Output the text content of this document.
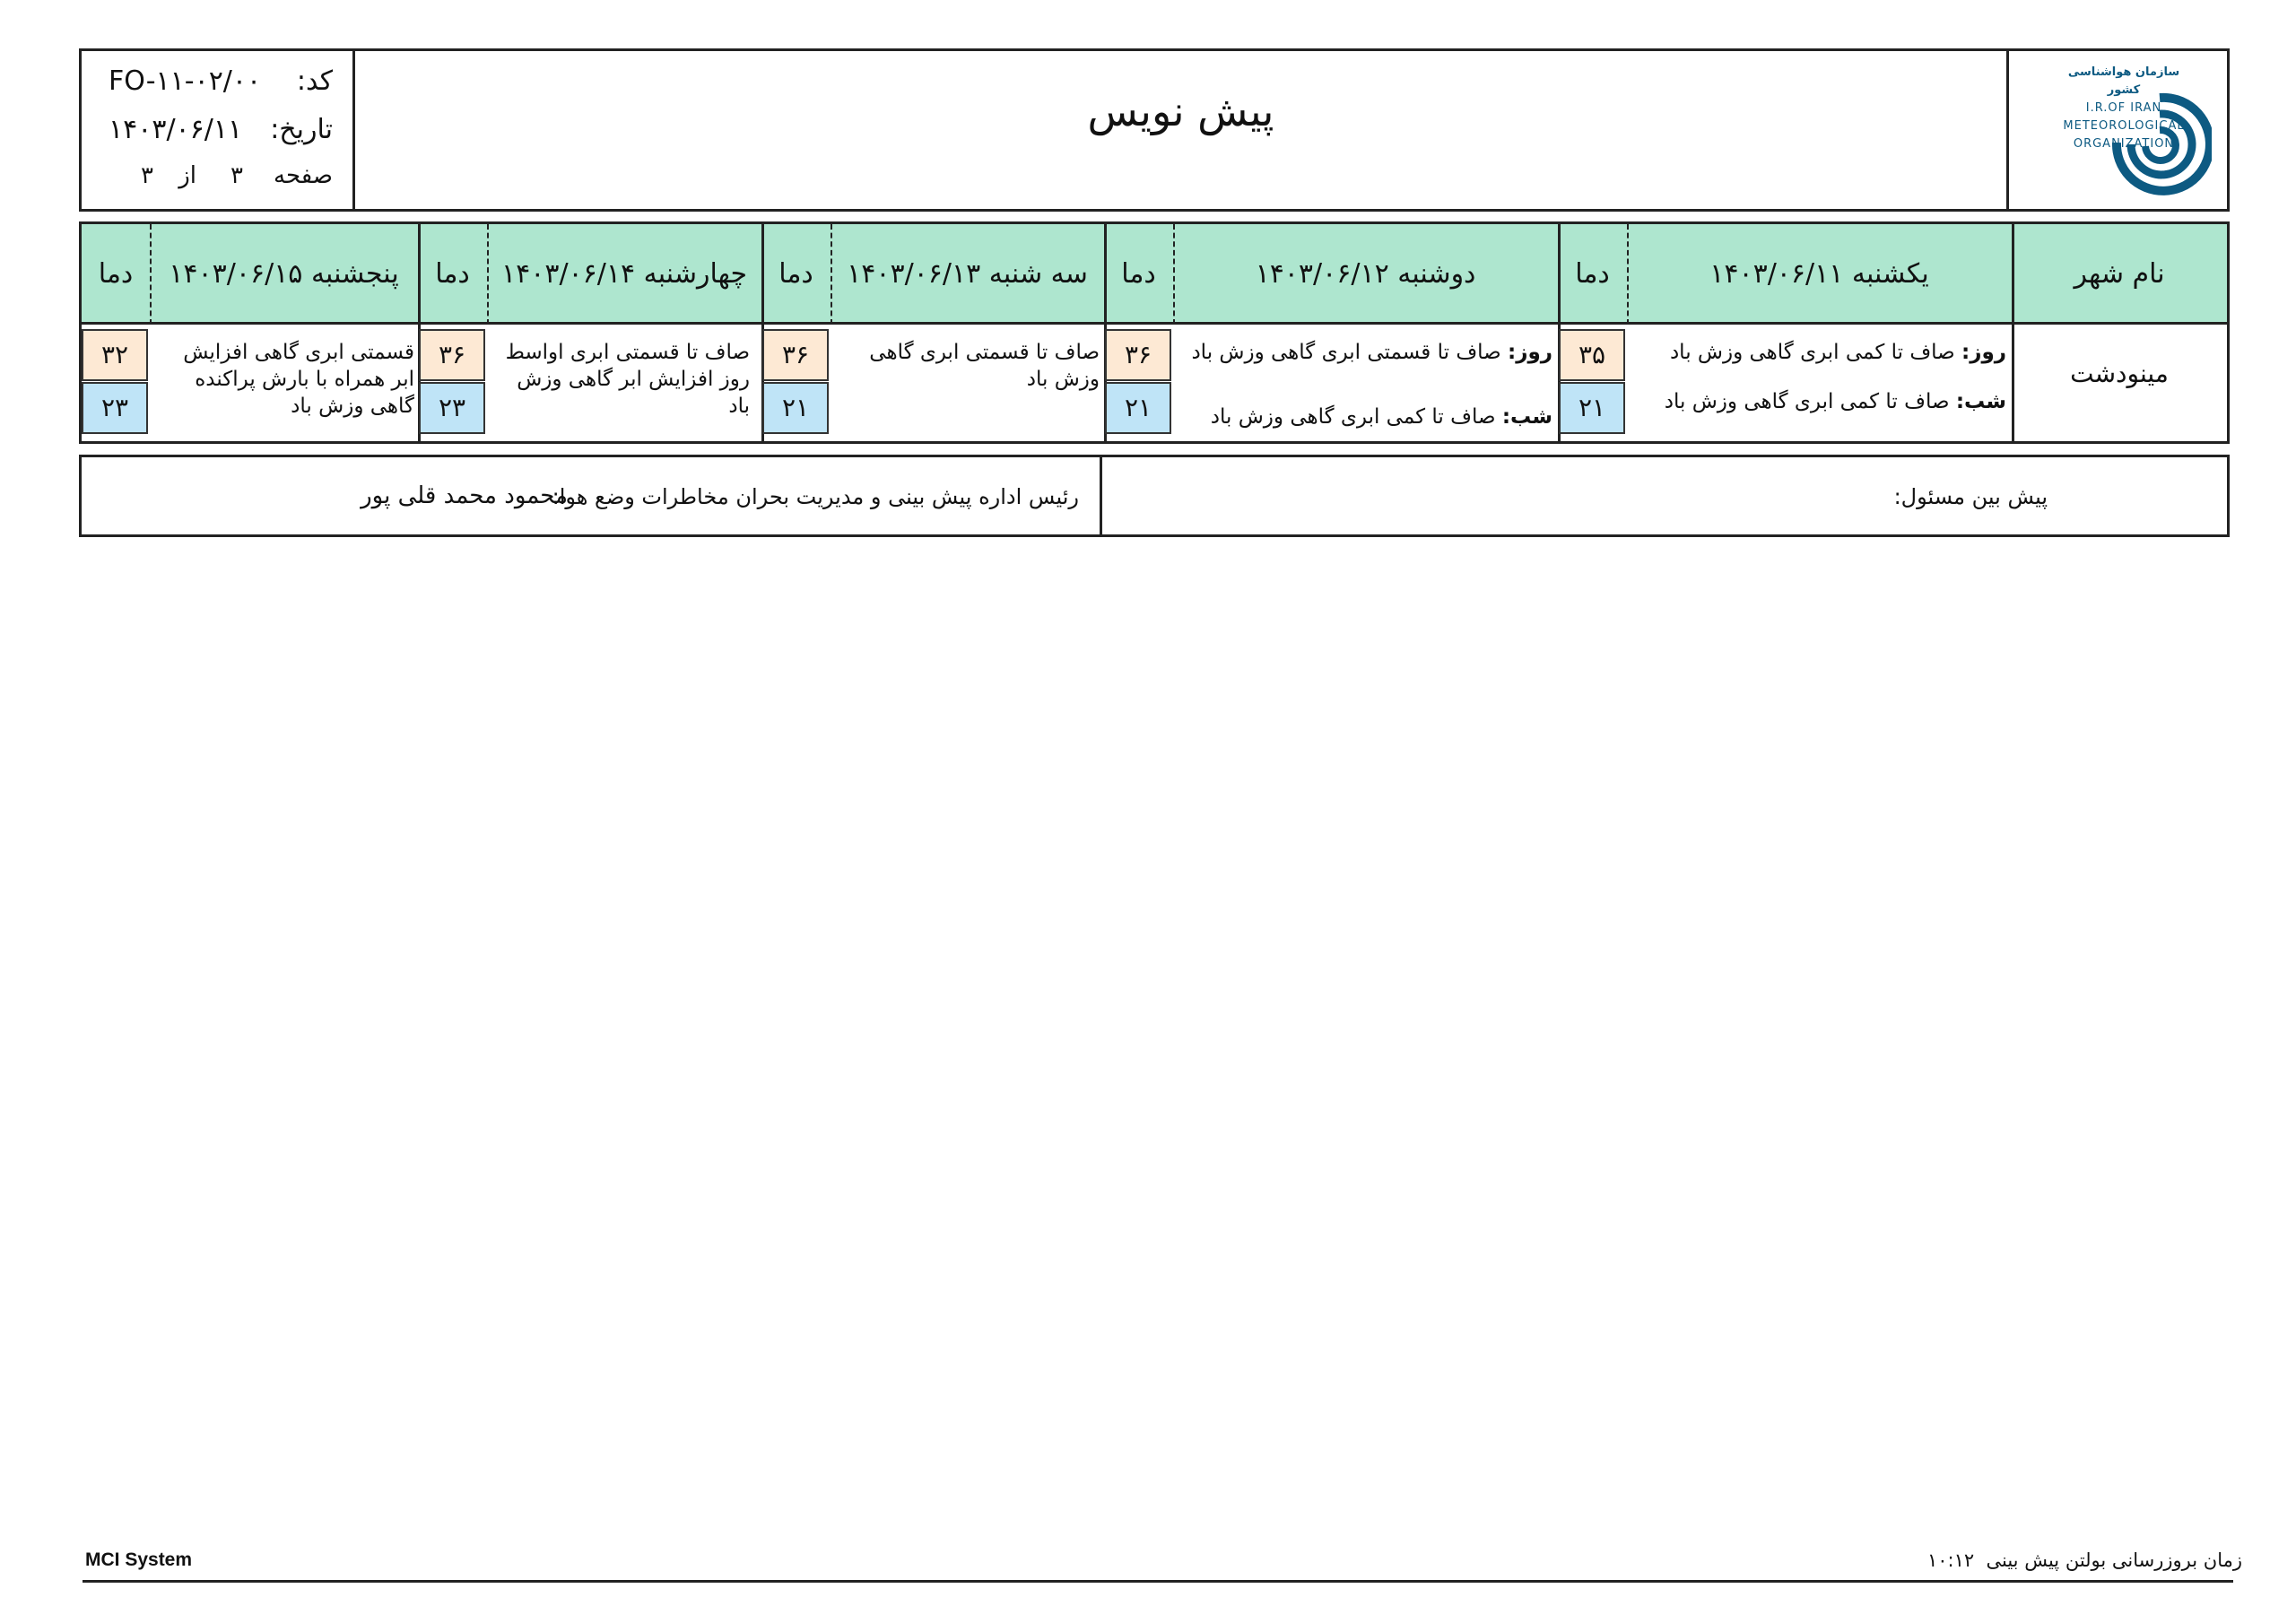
کد:
FO-۱۱-۰۲/۰۰
تاریخ:
۱۴۰۳/۰۶/۱۱
صفحه
۳
از
۳
پیش نویس
سازمان هواشناسی کشور
I.R.OF IRAN
METEOROLOGICAL
ORGANIZATION
نام شهر
یکشنبه ۱۴۰۳/۰۶/۱۱
دما
دوشنبه ۱۴۰۳/۰۶/۱۲
دما
سه شنبه ۱۴۰۳/۰۶/۱۳
دما
چهارشنبه ۱۴۰۳/۰۶/۱۴
دما
پنجشنبه ۱۴۰۳/۰۶/۱۵
دما
مینودشت
روز: صاف تا کمی ابری گاهی وزش باد
شب: صاف تا کمی ابری گاهی وزش باد
۳۵
۲۱
روز: صاف تا قسمتی ابری گاهی وزش باد
شب: صاف تا کمی ابری گاهی وزش باد
۳۶
۲۱
صاف تا قسمتی ابری گاهی وزش باد
۳۶
۲۱
صاف تا قسمتی ابری اواسط روز افزایش ابر گاهی وزش باد
۳۶
۲۳
قسمتی ابری گاهی افزایش ابر همراه با بارش پراکنده گاهی وزش باد
۳۲
۲۳
پیش بین مسئول:
رئیس اداره پیش بینی و مدیریت بحران مخاطرات وضع هوا:
محمود محمد قلی پور
MCI System	زمان بروزرسانی بولتن پیش بینی  ۱۰:۱۲
